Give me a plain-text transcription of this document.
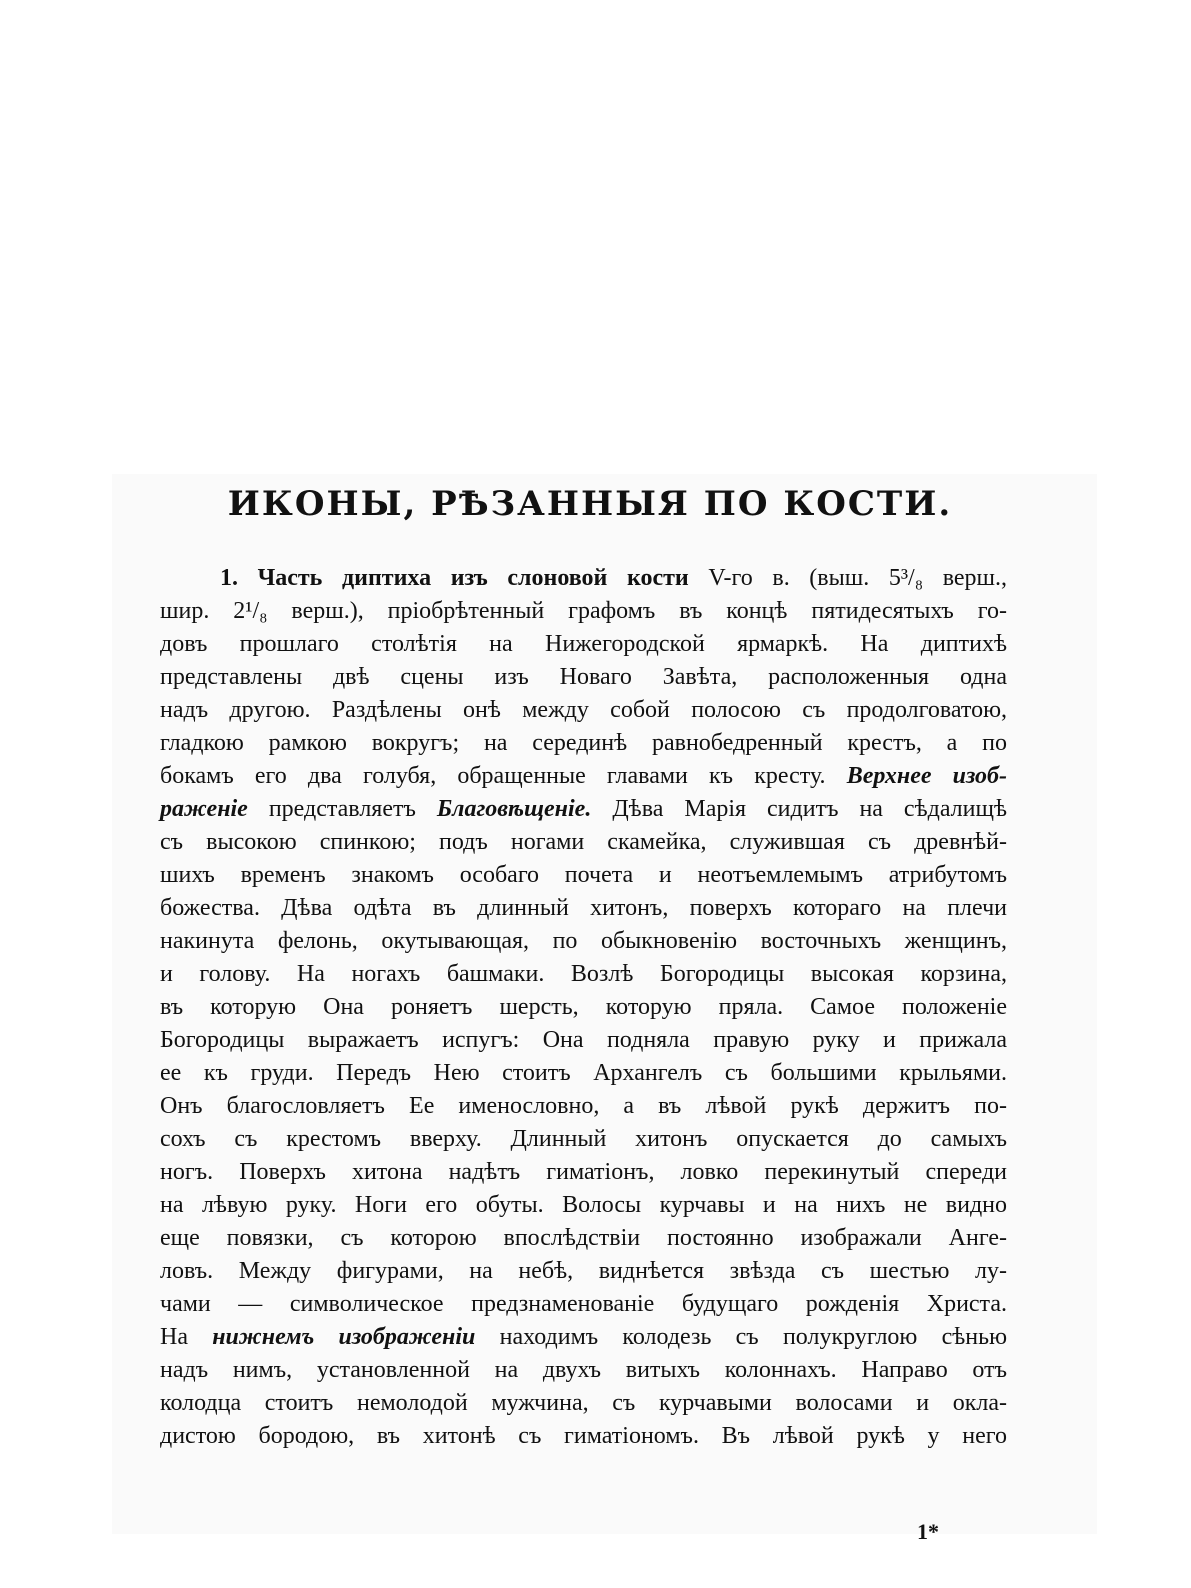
ИКОНЫ, РѢЗАННЫЯ ПО КОСТИ.
1. Часть диптиха изъ слоновой кости V-го в. (выш. 5³/₈ верш.,
шир. 2¹/₈ верш.), пріобрѣтенный графомъ въ концѣ пятидесятыхъ го-
довъ прошлаго столѣтія на Нижегородской ярмаркѣ. На диптихѣ
представлены двѣ сцены изъ Новаго Завѣта, расположенныя одна
надъ другою. Раздѣлены онѣ между собой полосою съ продолговатою,
гладкою рамкою вокругъ; на серединѣ равнобедренный крестъ, а по
бокамъ его два голубя, обращенные главами къ кресту. Верхнее изоб-
раженіе представляетъ Благовѣщеніе. Дѣва Марія сидитъ на сѣдалищѣ
съ высокою спинкою; подъ ногами скамейка, служившая съ древнѣй-
шихъ временъ знакомъ особаго почета и неотъемлемымъ атрибутомъ
божества. Дѣва одѣта въ длинный хитонъ, поверхъ котораго на плечи
накинута фелонь, окутывающая, по обыкновенію восточныхъ женщинъ,
и голову. На ногахъ башмаки. Возлѣ Богородицы высокая корзина,
въ которую Она роняетъ шерсть, которую пряла. Самое положеніе
Богородицы выражаетъ испугъ: Она подняла правую руку и прижала
ее къ груди. Передъ Нею стоитъ Архангелъ съ большими крыльями.
Онъ благословляетъ Ее именословно, а въ лѣвой рукѣ держитъ по-
сохъ съ крестомъ вверху. Длинный хитонъ опускается до самыхъ
ногъ. Поверхъ хитона надѣтъ гиматіонъ, ловко перекинутый спереди
на лѣвую руку. Ноги его обуты. Волосы курчавы и на нихъ не видно
еще повязки, съ которою впослѣдствіи постоянно изображали Анге-
ловъ. Между фигурами, на небѣ, виднѣется звѣзда съ шестью лу-
чами — символическое предзнаменованіе будущаго рожденія Христа.
На нижнемъ изображеніи находимъ колодезь съ полукруглою сѣнью
надъ нимъ, установленной на двухъ витыхъ колоннахъ. Направо отъ
колодца стоитъ немолодой мужчина, съ курчавыми волосами и окла-
дистою бородою, въ хитонѣ съ гиматіономъ. Въ лѣвой рукѣ у него
1*
